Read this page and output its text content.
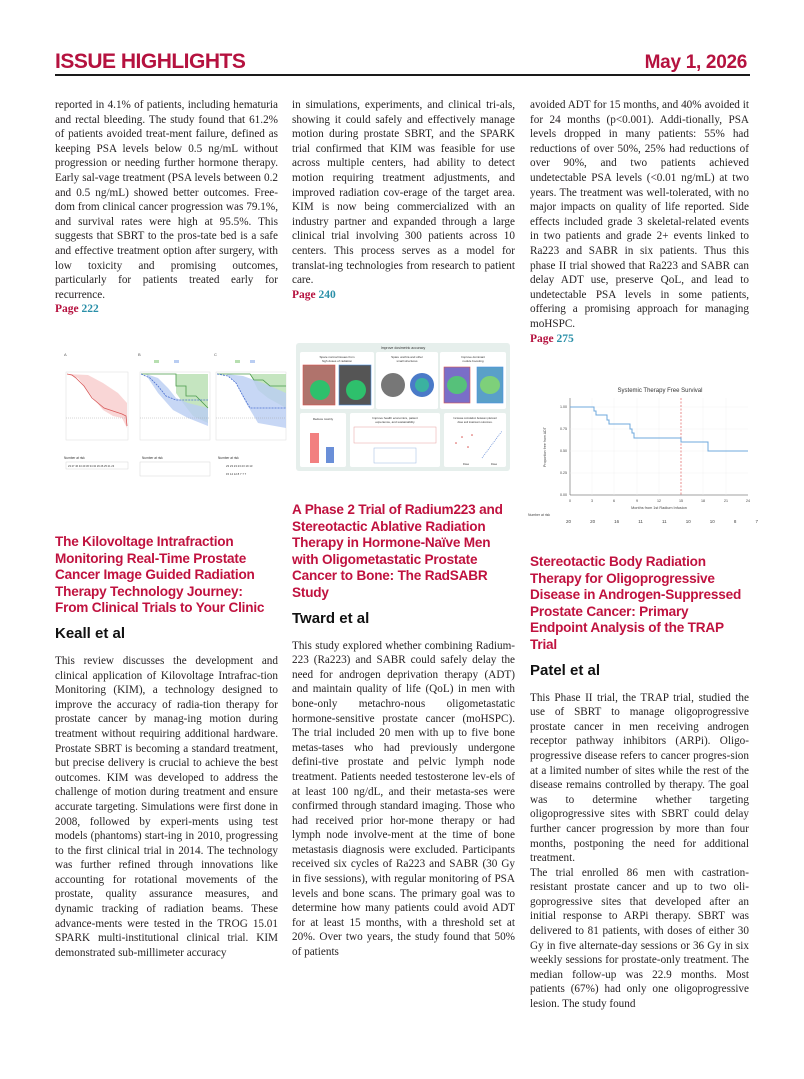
ISSUE HIGHLIGHTS	May 1, 2026
reported in 4.1% of patients, including hematuria and rectal bleeding. The study found that 61.2% of patients avoided treat-ment failure, defined as keeping PSA levels below 0.5 ng/mL without progression or needing further hormone therapy. Early sal-vage treatment (PSA levels between 0.2 and 0.5 ng/mL) showed better outcomes. Free-dom from clinical cancer progression was 79.1%, and survival rates were high at 95.5%. This suggests that SBRT to the pros-tate bed is a safe and effective treatment option after surgery, with low toxicity and promising outcomes, particularly for patients treated early for recurrence.
Page 222
A
Number at risk
23 27 46 43 40 36 34 32 29 26 25 21 23
B
Number at risk
C
Number at risk
23 23 23 23 23 19 13
15 14 12 8 7 7 7
The Kilovoltage Intrafraction Monitoring Real-Time Prostate Cancer Image Guided Radiation Therapy Technology Journey: From Clinical Trials to Your Clinic
Keall et al
This review discusses the development and clinical application of Kilovoltage Intrafrac-tion Monitoring (KIM), a technology designed to improve the accuracy of radia-tion therapy for prostate cancer by manag-ing motion during treatment without requiring additional hardware. Prostate SBRT is becoming a standard treatment, but precise delivery is crucial to achieve the best outcomes. KIM was developed to address the challenge of motion during treatment and ensure accurate targeting. Simulations were first done in 2008, followed by experi-ments using test models (phantoms) start-ing in 2010, progressing to the first clinical trial in 2014. The technology was further refined through innovations like accounting for rotational movements of the prostate, quality assurance measures, and dynamic tracking of radiation beams. These advance-ments were tested in the TROG 15.01 SPARK multi-institutional clinical trial. KIM demonstrated sub-millimeter accuracy
in simulations, experiments, and clinical tri-als, showing it could safely and effectively manage motion during prostate SBRT, and the SPARK trial confirmed that KIM was feasible for use across multiple centers, had ability to detect motion requiring treatment adjustments, and improved radiation cov-erage of the target area. KIM is now being commercialized with an industry partner and expanded through a large clinical trial involving 300 patients across 10 centers. This process serves as a model for translat-ing technologies from research to patient care.
Page 240
Improve dosimetric accuracy
Spare normal tissues from
high doses of radiation
Spare urethra and other
small structures
Improve dominant
nodule boosting
Reduce toxicity	Improve health economics, patient
experience, and sustainability
Increase correlation between planned
dose and treatment outcomes.
Dose	Dose
A Phase 2 Trial of Radium223 and Stereotactic Ablative Radiation Therapy in Hormone-Naïve Men with Oligometastatic Prostate Cancer to Bone: The RadSABR Study
Tward et al
This study explored whether combining Radium-223 (Ra223) and SABR could safely delay the need for androgen deprivation therapy (ADT) and maintain quality of life (QoL) in men with bone-only metachro-nous oligometastatic hormone-sensitive prostate cancer (moHSPC). The trial included 20 men with up to five bone metas-tases who had previously undergone defini-tive prostate and pelvic lymph node treatment. Patients needed testosterone lev-els of at least 100 ng/dL, and their metasta-ses were confirmed through standard imaging. Those who had received prior hor-mone therapy or had lymph node involve-ment at the time of bone metastasis diagnosis were excluded. Participants received six cycles of Ra223 and SABR (30 Gy in five sessions), with regular monitoring of PSA levels and bone scans. The primary goal was to determine how many patients could avoid ADT for at least 15 months, with a threshold set at 20%. Over two years, the study found that 50% of patients
avoided ADT for 15 months, and 40% avoided it for 24 months (p<0.001). Addi-tionally, PSA levels dropped in many patients: 55% had reductions of over 50%, 25% had reductions of over 90%, and two patients achieved undetectable PSA levels (<0.01 ng/mL) at two years. The treatment was well-tolerated, with no major impacts on quality of life reported. Side effects included grade 3 skeletal-related events in two patients and grade 2+ events linked to Ra223 and SABR in six patients. Thus this phase II trial showed that Ra223 and SABR can delay ADT use, preserve QoL, and lead to undetectable PSA levels in some patients, offering a promising approach for managing moHSPC.
Page 275
Systemic Therapy Free Survival
1.00
0.75
0.50
0.25
0.00
Proportion free from ADT
0	3	6	9	12	15	18	21	24
Months from 1st Radium Infusion
Number at risk
20	20	16	11	11	10	10	8	7
Stereotactic Body Radiation Therapy for Oligoprogressive Disease in Androgen-Suppressed Prostate Cancer: Primary Endpoint Analysis of the TRAP Trial
Patel et al
This Phase II trial, the TRAP trial, studied the use of SBRT to manage oligoprogressive prostate cancer in men receiving androgen receptor pathway inhibitors (ARPi). Oligo-progressive disease refers to cancer progres-sion at a limited number of sites while the rest of the disease remains controlled by therapy. The goal was to determine whether targeting oligoprogressive sites with SBRT could delay further cancer progression by more than four months, postponing the need for additional treatment.
The trial enrolled 86 men with castration-resistant prostate cancer and up to two oli-goprogressive sites that developed after an initial response to ARPi therapy. SBRT was delivered to 81 patients, with doses of either 30 Gy in five alternate-day sessions or 36 Gy in six weekly sessions for prostate-only treatment. The median follow-up was 22.9 months. Most patients (67%) had only one oligoprogressive lesion. The study found
